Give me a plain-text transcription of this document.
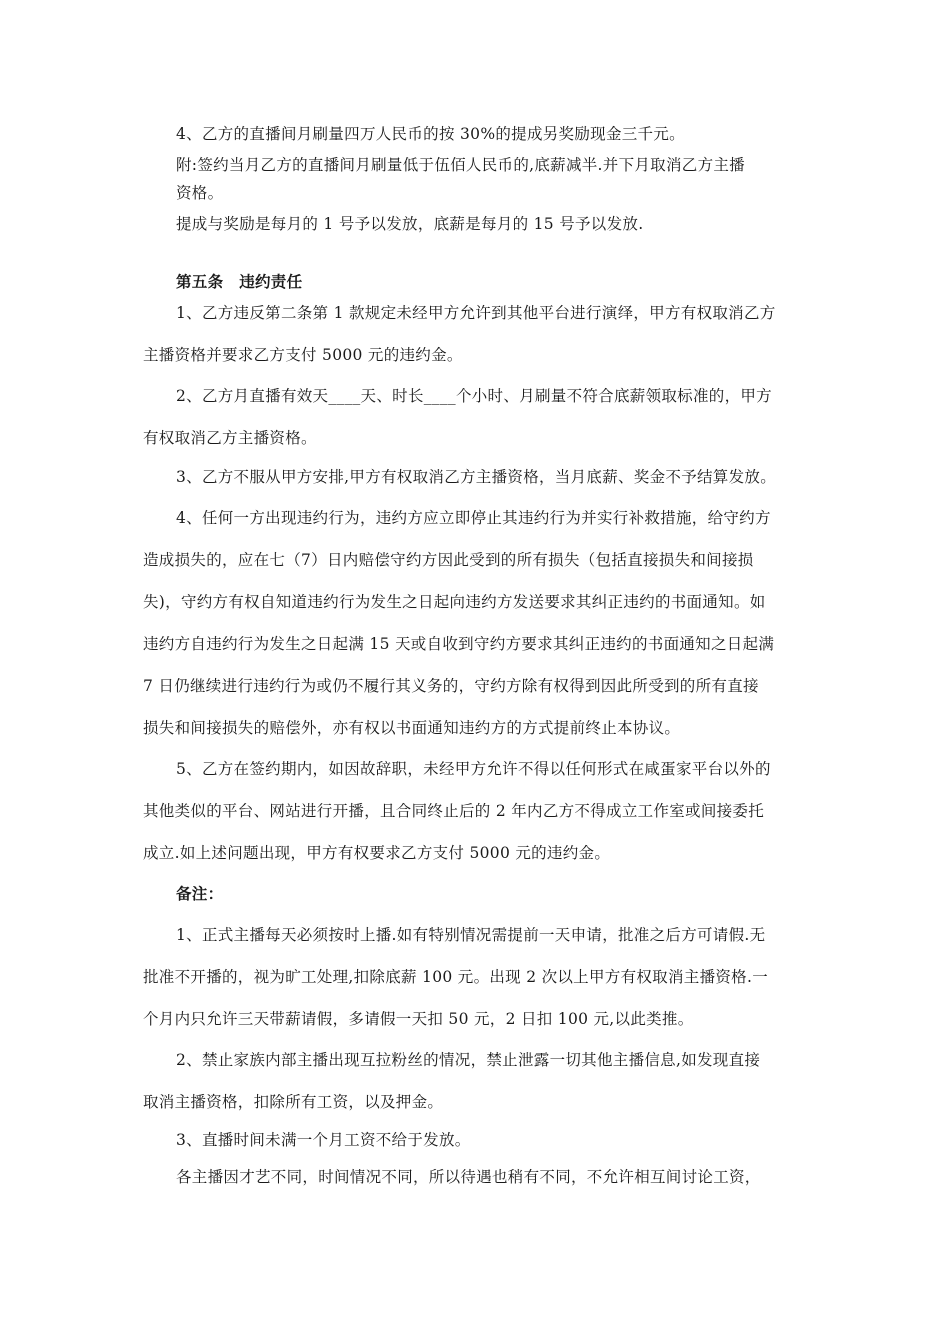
4、乙方的直播间月刷量四万人民币的按 30%的提成另奖励现金三千元。
附:签约当月乙方的直播间月刷量低于伍佰人民币的,底薪减半.并下月取消乙方主播
资格。
提成与奖励是每月的 1 号予以发放，底薪是每月的 15 号予以发放.
第五条　违约责任
1、乙方违反第二条第 1 款规定未经甲方允许到其他平台进行演绎，甲方有权取消乙方
主播资格并要求乙方支付 5000 元的违约金。
2、乙方月直播有效天____天、时长____个小时、月刷量不符合底薪领取标准的，甲方
有权取消乙方主播资格。
3、乙方不服从甲方安排,甲方有权取消乙方主播资格，当月底薪、奖金不予结算发放。
4、任何一方出现违约行为，违约方应立即停止其违约行为并实行补救措施，给守约方
造成损失的，应在七（7）日内赔偿守约方因此受到的所有损失（包括直接损失和间接损
失)，守约方有权自知道违约行为发生之日起向违约方发送要求其纠正违约的书面通知。如
违约方自违约行为发生之日起满 15 天或自收到守约方要求其纠正违约的书面通知之日起满
7 日仍继续进行违约行为或仍不履行其义务的，守约方除有权得到因此所受到的所有直接
损失和间接损失的赔偿外，亦有权以书面通知违约方的方式提前终止本协议。
5、乙方在签约期内，如因故辞职，未经甲方允许不得以任何形式在咸蛋家平台以外的
其他类似的平台、网站进行开播，且合同终止后的 2 年内乙方不得成立工作室或间接委托
成立.如上述问题出现，甲方有权要求乙方支付 5000 元的违约金。
备注：
1、正式主播每天必须按时上播.如有特别情况需提前一天申请，批准之后方可请假.无
批准不开播的，视为旷工处理,扣除底薪 100 元。出现 2 次以上甲方有权取消主播资格.一
个月内只允许三天带薪请假，多请假一天扣 50 元，2 日扣 100 元,以此类推。
2、禁止家族内部主播出现互拉粉丝的情况，禁止泄露一切其他主播信息,如发现直接
取消主播资格，扣除所有工资，以及押金。
3、直播时间未满一个月工资不给于发放。
各主播因才艺不同，时间情况不同，所以待遇也稍有不同，不允许相互间讨论工资，
